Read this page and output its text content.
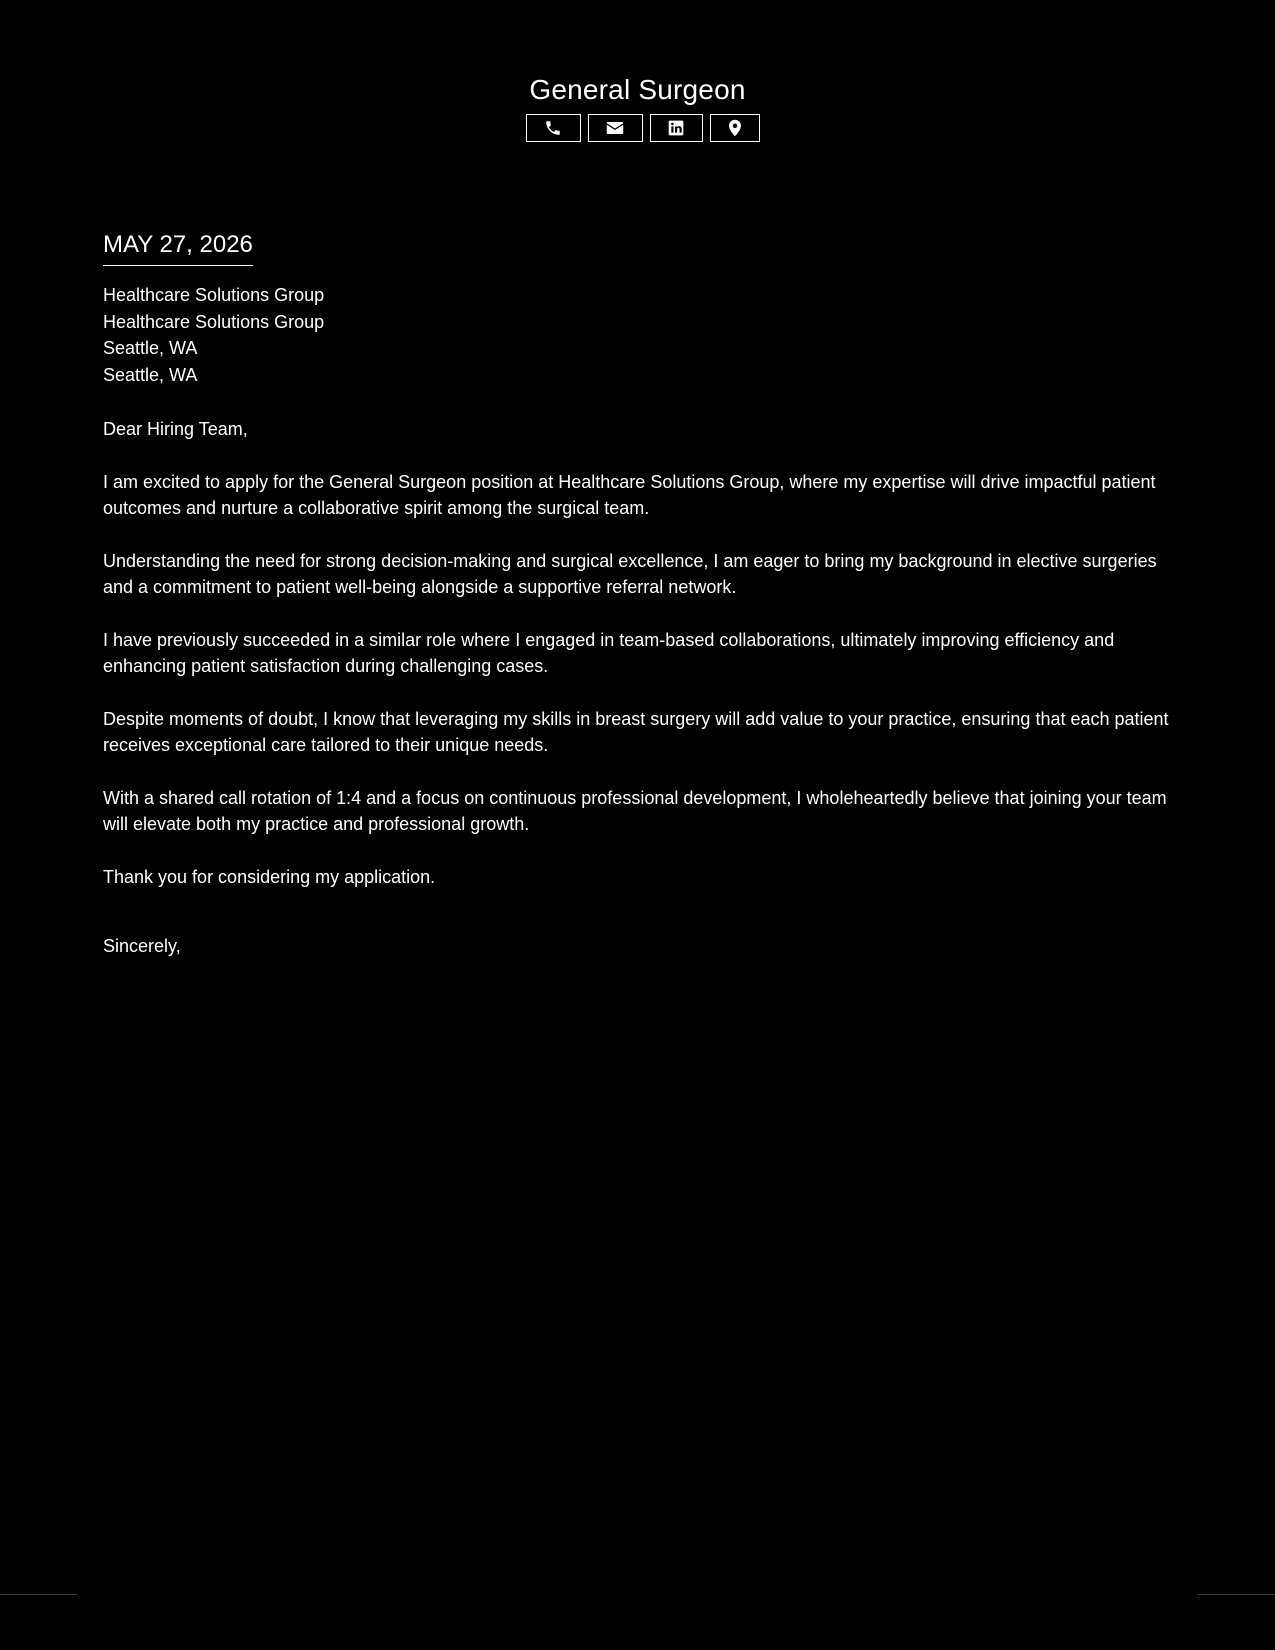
General Surgeon
MAY 27, 2026
Healthcare Solutions Group
Healthcare Solutions Group
Seattle, WA
Seattle, WA
Dear Hiring Team,

I am excited to apply for the General Surgeon position at Healthcare Solutions Group, where my expertise will drive impactful patient outcomes and nurture a collaborative spirit among the surgical team.

Understanding the need for strong decision-making and surgical excellence, I am eager to bring my background in elective surgeries and a commitment to patient well-being alongside a supportive referral network.

I have previously succeeded in a similar role where I engaged in team-based collaborations, ultimately improving efficiency and enhancing patient satisfaction during challenging cases.

Despite moments of doubt, I know that leveraging my skills in breast surgery will add value to your practice, ensuring that each patient receives exceptional care tailored to their unique needs.

With a shared call rotation of 1:4 and a focus on continuous professional development, I wholeheartedly believe that joining your team will elevate both my practice and professional growth.

Thank you for considering my application.

Sincerely,
